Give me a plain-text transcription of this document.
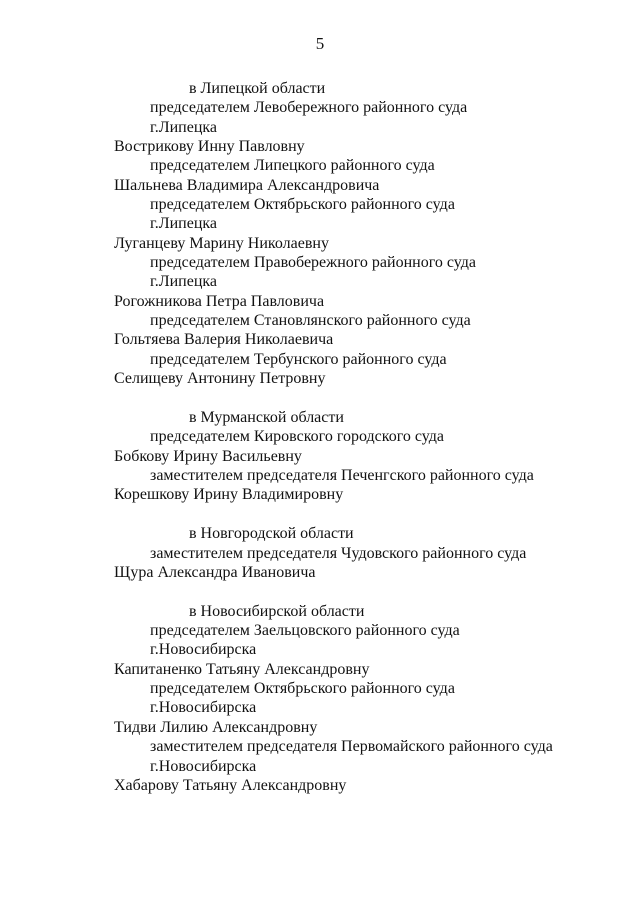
5
в Липецкой области
председателем Левобережного районного суда
г.Липецка
Вострикову Инну Павловну
председателем Липецкого районного суда
Шальнева Владимира Александровича
председателем Октябрьского районного суда
г.Липецка
Луганцеву Марину Николаевну
председателем Правобережного районного суда
г.Липецка
Рогожникова Петра Павловича
председателем Становлянского районного суда
Гольтяева Валерия Николаевича
председателем Тербунского районного суда
Селищеву Антонину Петровну
в Мурманской области
председателем Кировского городского суда
Бобкову Ирину Васильевну
заместителем председателя Печенгского районного суда
Корешкову Ирину Владимировну
в Новгородской области
заместителем председателя Чудовского районного суда
Щура Александра Ивановича
в Новосибирской области
председателем Заельцовского районного суда
г.Новосибирска
Капитаненко Татьяну Александровну
председателем Октябрьского районного суда
г.Новосибирска
Тидви Лилию Александровну
заместителем председателя Первомайского районного суда
г.Новосибирска
Хабарову Татьяну Александровну
